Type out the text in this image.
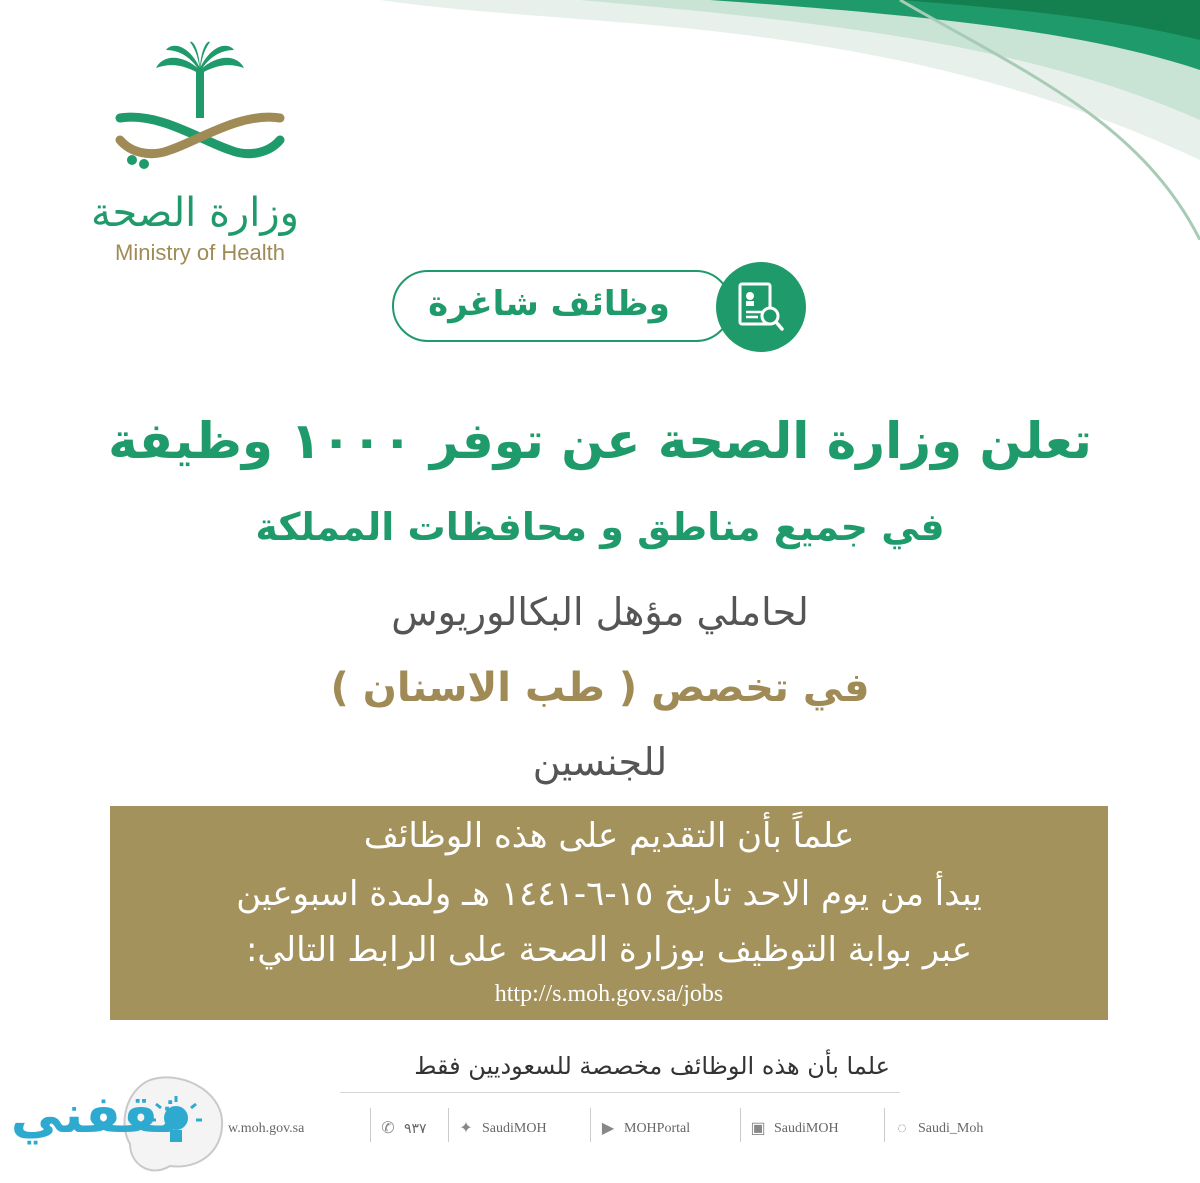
وزارة الصحة
Ministry of Health
وظائف شاغرة
تعلن وزارة الصحة عن توفر ١٠٠٠ وظيفة
في جميع مناطق و محافظات المملكة
لحاملي مؤهل البكالوريوس
في تخصص ( طب الاسنان )
للجنسين
علماً بأن التقديم على هذه الوظائف
يبدأ من يوم الاحد تاريخ ١٥-٦-١٤٤١ هـ ولمدة اسبوعين
عبر بوابة التوظيف بوزارة الصحة على الرابط التالي:
http://s.moh.gov.sa/jobs
علما بأن هذه الوظائف مخصصة للسعوديين فقط
◌ Saudi_Moh
▣ SaudiMOH
▶ MOHPortal
✦ SaudiMOH
✆ ٩٣٧
w.moh.gov.sa
ثقفني
